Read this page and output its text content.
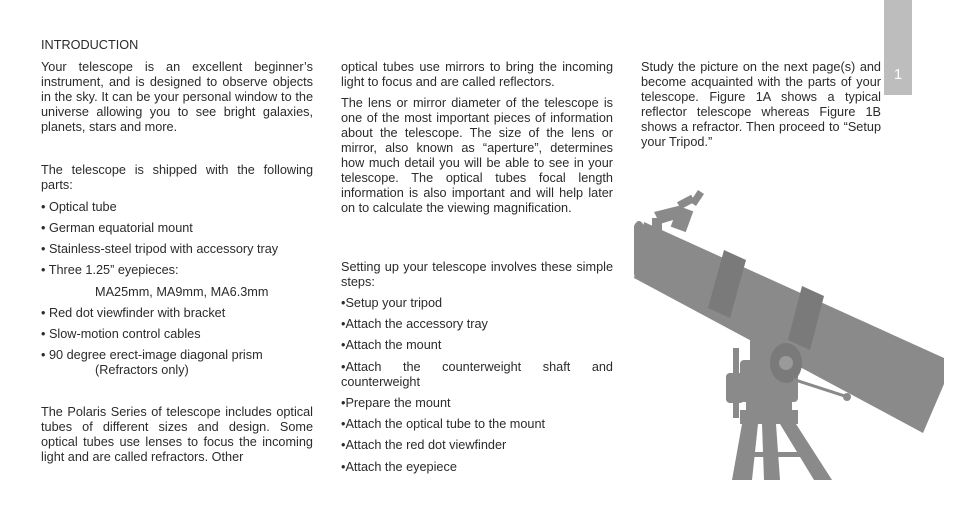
INTRODUCTION

Your telescope is an excellent beginner’s instrument, and is designed to observe objects in the sky. It can be your personal window to the universe allowing you to see bright galaxies, planets, stars and more.

The telescope is shipped with the following parts:

• Optical tube
• German equatorial mount
• Stainless-steel tripod with accessory tray
• Three 1.25” eyepieces:
MA25mm, MA9mm, MA6.3mm
• Red dot viewfinder with bracket
• Slow-motion control cables
• 90 degree erect-image diagonal prism
(Refractors only)

The Polaris Series of telescope includes optical tubes of different sizes and design. Some optical tubes use lenses to focus the incoming light and are called refractors. Other

optical tubes use mirrors to bring the incoming light to focus and are called reflectors.

The lens or mirror diameter of the telescope is one of the most important pieces of information about the telescope. The size of the lens or mirror, also known as “aperture”, determines how much detail you will be able to see in your telescope. The optical tubes focal length information is also important and will help later on to calculate the viewing magnification.

Setting up your telescope involves these simple steps:

•Setup your tripod
•Attach the accessory tray
•Attach the mount

•Attach the counterweight shaft and counterweight

•Prepare the mount
•Attach the optical tube to the mount
•Attach the red dot viewfinder
•Attach the eyepiece

Study the picture on the next page(s) and become acquainted with the parts of your telescope. Figure 1A shows a typical reflector telescope whereas Figure 1B shows a refractor. Then proceed to “Setup your Tripod.”

1
